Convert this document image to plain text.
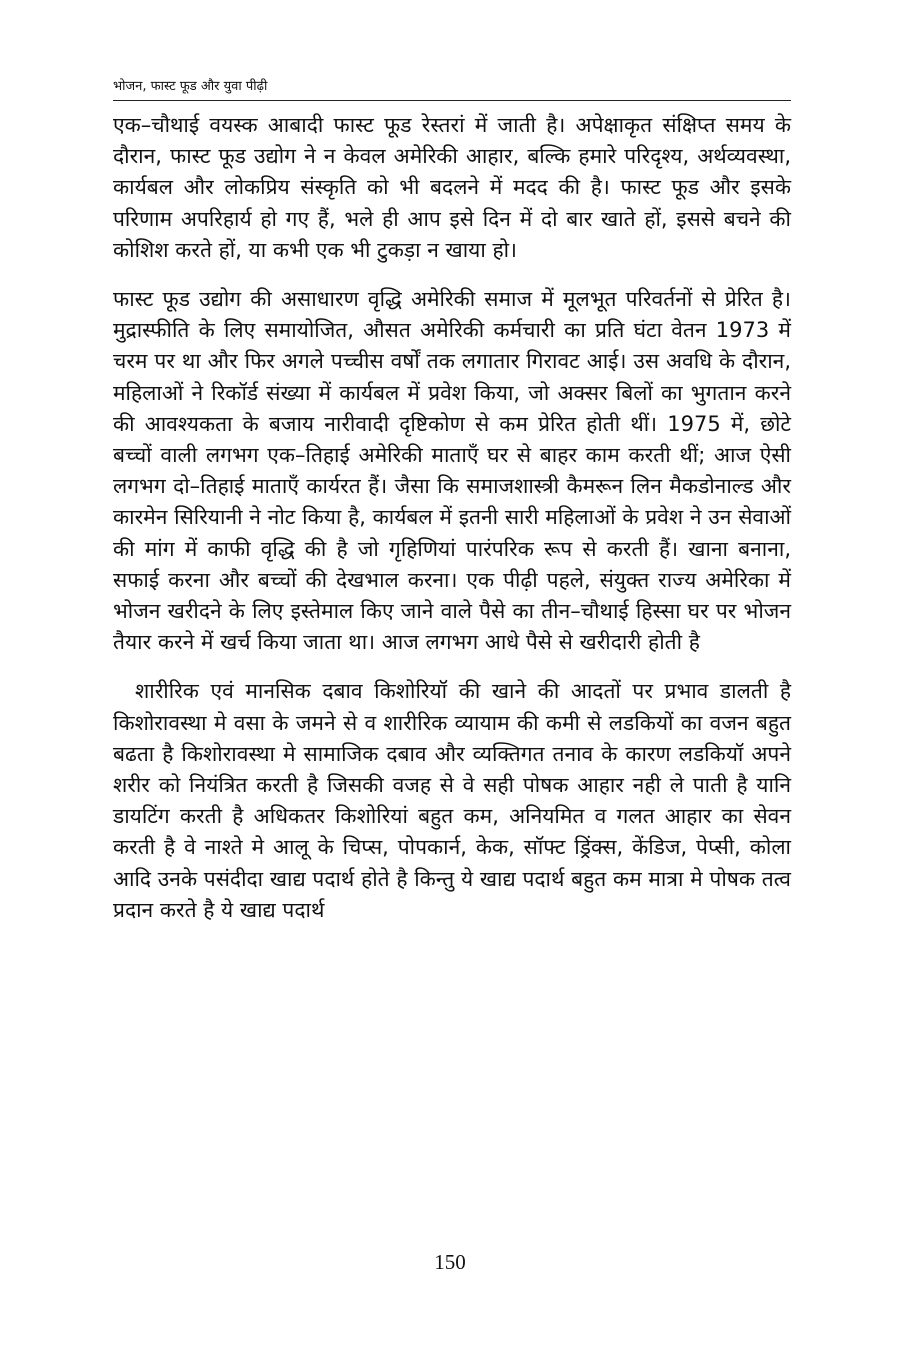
भोजन, फास्ट फूड और युवा पीढ़ी

एक–चौथाई वयस्क आबादी फास्ट फूड रेस्तरां में जाती है। अपेक्षाकृत संक्षिप्त समय के दौरान, फास्ट फूड उद्योग ने न केवल अमेरिकी आहार, बल्कि हमारे परिदृश्य, अर्थव्यवस्था, कार्यबल और लोकप्रिय संस्कृति को भी बदलने में मदद की है। फास्ट फूड और इसके परिणाम अपरिहार्य हो गए हैं, भले ही आप इसे दिन में दो बार खाते हों, इससे बचने की कोशिश करते हों, या कभी एक भी टुकड़ा न खाया हो।

फास्ट फूड उद्योग की असाधारण वृद्धि अमेरिकी समाज में मूलभूत परिवर्तनों से प्रेरित है। मुद्रास्फीति के लिए समायोजित, औसत अमेरिकी कर्मचारी का प्रति घंटा वेतन 1973 में चरम पर था और फिर अगले पच्चीस वर्षों तक लगातार गिरावट आई। उस अवधि के दौरान, महिलाओं ने रिकॉर्ड संख्या में कार्यबल में प्रवेश किया, जो अक्सर बिलों का भुगतान करने की आवश्यकता के बजाय नारीवादी दृष्टिकोण से कम प्रेरित होती थीं। 1975 में, छोटे बच्चों वाली लगभग एक–तिहाई अमेरिकी माताएँ घर से बाहर काम करती थीं; आज ऐसी लगभग दो–तिहाई माताएँ कार्यरत हैं। जैसा कि समाजशास्त्री कैमरून लिन मैकडोनाल्ड और कारमेन सिरियानी ने नोट किया है, कार्यबल में इतनी सारी महिलाओं के प्रवेश ने उन सेवाओं की मांग में काफी वृद्धि की है जो गृहिणियां पारंपरिक रूप से करती हैं। खाना बनाना, सफाई करना और बच्चों की देखभाल करना। एक पीढ़ी पहले, संयुक्त राज्य अमेरिका में भोजन खरीदने के लिए इस्तेमाल किए जाने वाले पैसे का तीन–चौथाई हिस्सा घर पर भोजन तैयार करने में खर्च किया जाता था। आज लगभग आधे पैसे से खरीदारी होती है

शारीरिक एवं मानसिक दबाव किशोरियॉ की खाने की आदतों पर प्रभाव डालती है किशोरावस्था मे वसा के जमने से व शारीरिक व्यायाम की कमी से लडकियों का वजन बहुत बढता है किशोरावस्था मे सामाजिक दबाव और व्यक्तिगत तनाव के कारण लडकियॉ अपने शरीर को नियंत्रित करती है जिसकी वजह से वे सही पोषक आहार नही ले पाती है यानि डायटिंग करती है अधिकतर किशोरियां बहुत कम, अनियमित व गलत आहार का सेवन करती है वे नाश्ते मे आलू के चिप्स, पोपकार्न, केक, सॉफ्ट ड्रिंक्स, केंडिज, पेप्सी, कोला आदि उनके पसंदीदा खाद्य पदार्थ होते है किन्तु ये खाद्य पदार्थ बहुत कम मात्रा मे पोषक तत्व प्रदान करते है ये खाद्य पदार्थ

150
